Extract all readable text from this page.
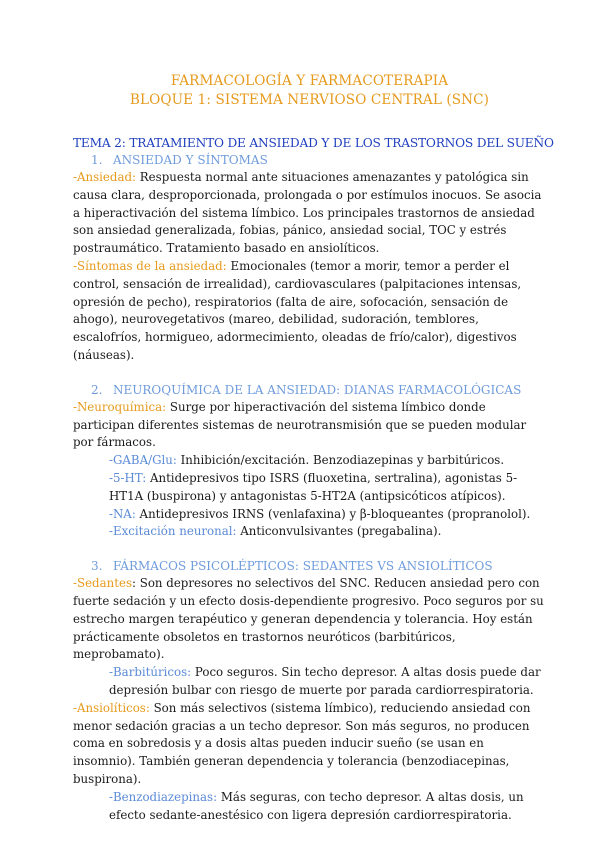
FARMACOLOGÍA Y FARMACOTERAPIA
BLOQUE 1: SISTEMA NERVIOSO CENTRAL (SNC)
TEMA 2: TRATAMIENTO DE ANSIEDAD Y DE LOS TRASTORNOS DEL SUEÑO
1. ANSIEDAD Y SÍNTOMAS

-Ansiedad: Respuesta normal ante situaciones amenazantes y patológica sin causa clara, desproporcionada, prolongada o por estímulos inocuos. Se asocia a hiperactivación del sistema límbico. Los principales trastornos de ansiedad son ansiedad generalizada, fobias, pánico, ansiedad social, TOC y estrés postraumático. Tratamiento basado en ansiolíticos.

-Síntomas de la ansiedad: Emocionales (temor a morir, temor a perder el control, sensación de irrealidad), cardiovasculares (palpitaciones intensas, opresión de pecho), respiratorios (falta de aire, sofocación, sensación de ahogo), neurovegetativos (mareo, debilidad, sudoración, temblores, escalofríos, hormigueo, adormecimiento, oleadas de frío/calor), digestivos (náuseas).

2. NEUROQUÍMICA DE LA ANSIEDAD: DIANAS FARMACOLÓGICAS

-Neuroquímica: Surge por hiperactivación del sistema límbico donde participan diferentes sistemas de neurotransmisión que se pueden modular por fármacos.

-GABA/Glu: Inhibición/excitación. Benzodiazepinas y barbitúricos.

-5-HT: Antidepresivos tipo ISRS (fluoxetina, sertralina), agonistas 5-HT1A (buspirona) y antagonistas 5-HT2A (antipsicóticos atípicos).

-NA: Antidepresivos IRNS (venlafaxina) y β-bloqueantes (propranolol).

-Excitación neuronal: Anticonvulsivantes (pregabalina).

3. FÁRMACOS PSICOLÉPTICOS: SEDANTES VS ANSIOLÍTICOS

-Sedantes: Son depresores no selectivos del SNC. Reducen ansiedad pero con fuerte sedación y un efecto dosis-dependiente progresivo. Poco seguros por su estrecho margen terapéutico y generan dependencia y tolerancia. Hoy están prácticamente obsoletos en trastornos neuróticos (barbitúricos, meprobamato).

-Barbitúricos: Poco seguros. Sin techo depresor. A altas dosis puede dar depresión bulbar con riesgo de muerte por parada cardiorrespiratoria.

-Ansiolíticos: Son más selectivos (sistema límbico), reduciendo ansiedad con menor sedación gracias a un techo depresor. Son más seguros, no producen coma en sobredosis y a dosis altas pueden inducir sueño (se usan en insomnio). También generan dependencia y tolerancia (benzodiacepinas, buspirona).

-Benzodiazepinas: Más seguras, con techo depresor. A altas dosis, un efecto sedante-anestésico con ligera depresión cardiorrespiratoria.
